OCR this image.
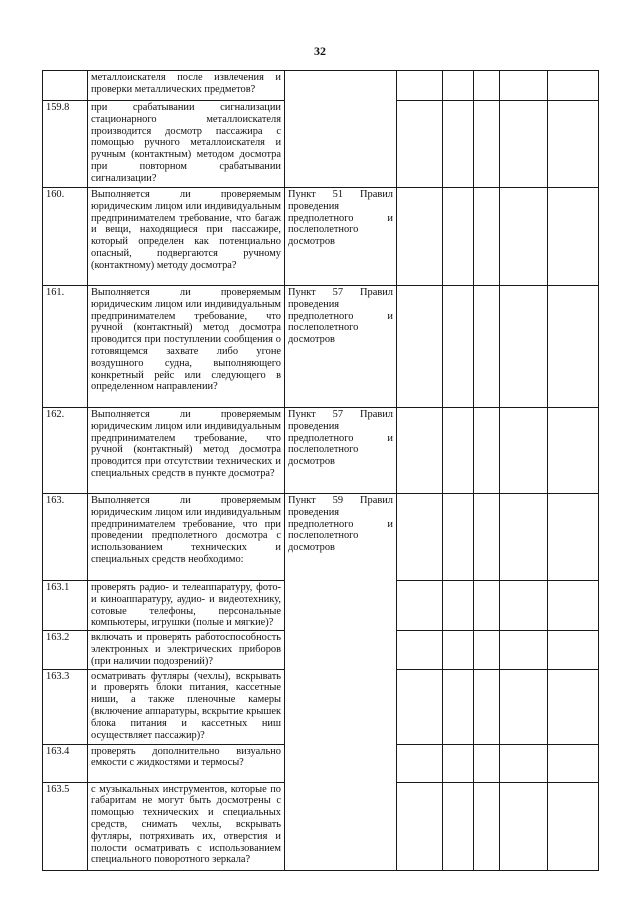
32
	металлоискателя после извлечения и проверки металлических предметов?						
159.8	при срабатывании сигнализации стационарного металлоискателя производится досмотр пассажира с помощью ручного металлоискателя и ручным (контактным) методом досмотра при повторном срабатывании сигнализации?						
160.	Выполняется ли проверяемым юридическим лицом или индивидуальным предпринимателем требование, что багаж и вещи, находящиеся при пассажире, который определен как потенциально опасный, подвергаются ручному (контактному) методу досмотра?	Пункт 51 Правил проведения предполетного и послеполетного досмотров					
161.	Выполняется ли проверяемым юридическим лицом или индивидуальным предпринимателем требование, что ручной (контактный) метод досмотра проводится при поступлении сообщения о готовящемся захвате либо угоне воздушного судна, выполняющего конкретный рейс или следующего в определенном направлении?	Пункт 57 Правил проведения предполетного и послеполетного досмотров					
162.	Выполняется ли проверяемым юридическим лицом или индивидуальным предпринимателем требование, что ручной (контактный) метод досмотра проводится при отсутствии технических и специальных средств в пункте досмотра?	Пункт 57 Правил проведения предполетного и послеполетного досмотров					
163.	Выполняется ли проверяемым юридическим лицом или индивидуальным предпринимателем требование, что при проведении предполетного досмотра с использованием технических и специальных средств необходимо:	Пункт 59 Правил проведения предполетного и послеполетного досмотров					
163.1	проверять радио- и телеаппаратуру, фото- и киноаппаратуру, аудио- и видеотехнику, сотовые телефоны, персональные компьютеры, игрушки (полые и мягкие)?						
163.2	включать и проверять работоспособность электронных и электрических приборов (при наличии подозрений)?						
163.3	осматривать футляры (чехлы), вскрывать и проверять блоки питания, кассетные ниши, а также пленочные камеры (включение аппаратуры, вскрытие крышек блока питания и кассетных ниш осуществляет пассажир)?						
163.4	проверять дополнительно визуально емкости с жидкостями и термосы?						
163.5	с музыкальных инструментов, которые по габаритам не могут быть досмотрены с помощью технических и специальных средств, снимать чехлы, вскрывать футляры, потряхивать их, отверстия и полости осматривать с использованием специального поворотного зеркала?						
